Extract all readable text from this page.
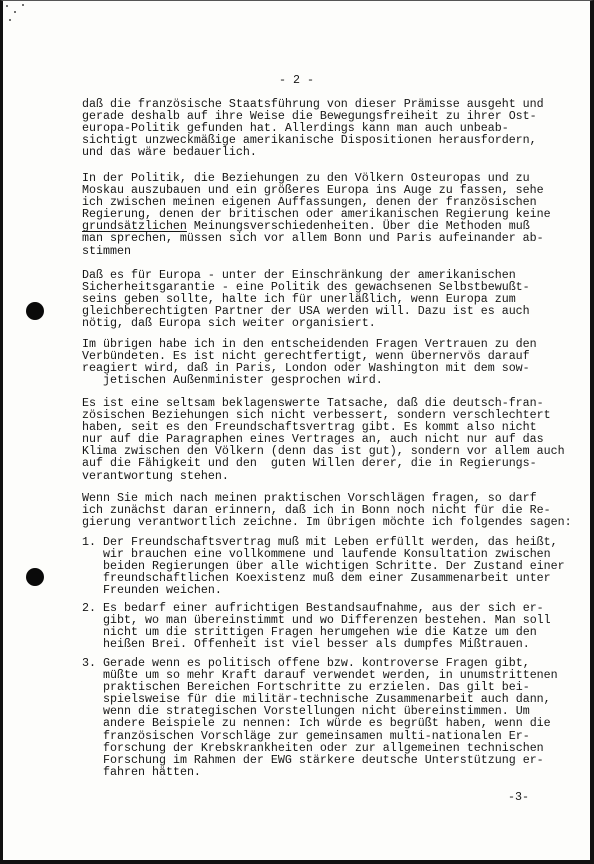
- 2 -
daß die französische Staatsführung von dieser Prämisse ausgeht und
gerade deshalb auf ihre Weise die Bewegungsfreiheit zu ihrer Ost-
europa-Politik gefunden hat. Allerdings kann man auch unbeab-
sichtigt unzweckmäßige amerikanische Dispositionen herausfordern,
und das wäre bedauerlich.
In der Politik, die Beziehungen zu den Völkern Osteuropas und zu
Moskau auszubauen und ein größeres Europa ins Auge zu fassen, sehe
ich zwischen meinen eigenen Auffassungen, denen der französischen
Regierung, denen der britischen oder amerikanischen Regierung keine
grundsätzlichen Meinungsverschiedenheiten. Über die Methoden muß
man sprechen, müssen sich vor allem Bonn und Paris aufeinander ab-
stimmen
Daß es für Europa - unter der Einschränkung der amerikanischen
Sicherheitsgarantie - eine Politik des gewachsenen Selbstbewußt-
seins geben sollte, halte ich für unerläßlich, wenn Europa zum
gleichberechtigten Partner der USA werden will. Dazu ist es auch
nötig, daß Europa sich weiter organisiert.
Im übrigen habe ich in den entscheidenden Fragen Vertrauen zu den
Verbündeten. Es ist nicht gerechtfertigt, wenn übernervös darauf
reagiert wird, daß in Paris, London oder Washington mit dem sow-
jetischen Außenminister gesprochen wird.
Es ist eine seltsam beklagenswerte Tatsache, daß die deutsch-fran-
zösischen Beziehungen sich nicht verbessert, sondern verschlechtert
haben, seit es den Freundschaftsvertrag gibt. Es kommt also nicht
nur auf die Paragraphen eines Vertrages an, auch nicht nur auf das
Klima zwischen den Völkern (denn das ist gut), sondern vor allem auch
auf die Fähigkeit und den  guten Willen derer, die in Regierungs-
verantwortung stehen.
Wenn Sie mich nach meinen praktischen Vorschlägen fragen, so darf
ich zunächst daran erinnern, daß ich in Bonn noch nicht für die Re-
gierung verantwortlich zeichne. Im übrigen möchte ich folgendes sagen:
1. Der Freundschaftsvertrag muß mit Leben erfüllt werden, das heißt,
wir brauchen eine vollkommene und laufende Konsultation zwischen
beiden Regierungen über alle wichtigen Schritte. Der Zustand einer
freundschaftlichen Koexistenz muß dem einer Zusammenarbeit unter
Freunden weichen.
2. Es bedarf einer aufrichtigen Bestandsaufnahme, aus der sich er-
gibt, wo man übereinstimmt und wo Differenzen bestehen. Man soll
nicht um die strittigen Fragen herumgehen wie die Katze um den
heißen Brei. Offenheit ist viel besser als dumpfes Mißtrauen.
3. Gerade wenn es politisch offene bzw. kontroverse Fragen gibt,
müßte um so mehr Kraft darauf verwendet werden, in unumstrittenen
praktischen Bereichen Fortschritte zu erzielen. Das gilt bei-
spielsweise für die militär-technische Zusammenarbeit auch dann,
wenn die strategischen Vorstellungen nicht übereinstimmen. Um
andere Beispiele zu nennen: Ich würde es begrüßt haben, wenn die
französischen Vorschläge zur gemeinsamen multi-nationalen Er-
forschung der Krebskrankheiten oder zur allgemeinen technischen
Forschung im Rahmen der EWG stärkere deutsche Unterstützung er-
fahren hätten.
-3-
